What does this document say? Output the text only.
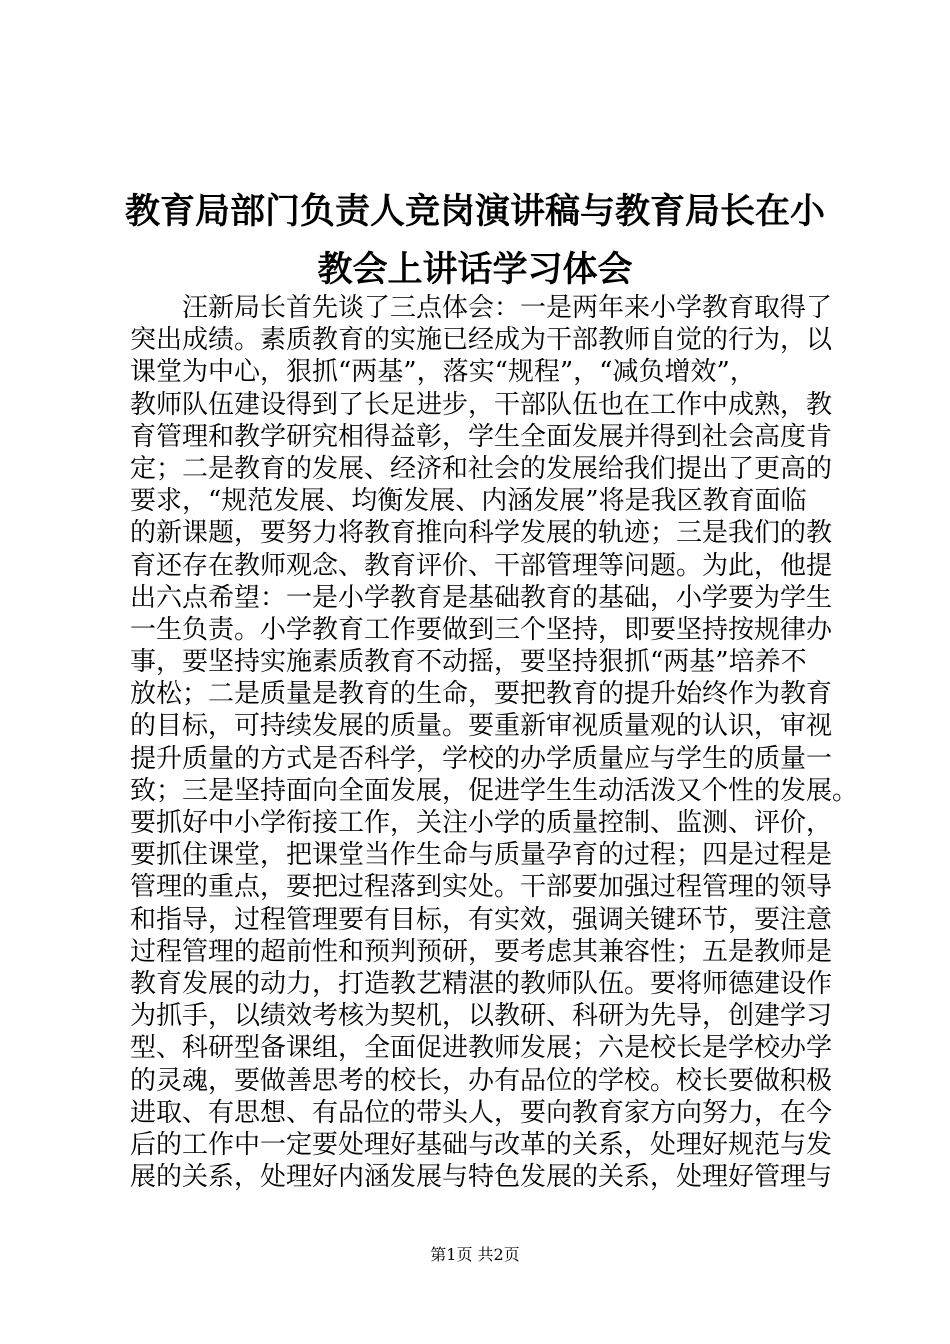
教育局部门负责人竞岗演讲稿与教育局长在小
教会上讲话学习体会
汪新局长首先谈了三点体会：一是两年来小学教育取得了
突出成绩。素质教育的实施已经成为干部教师自觉的行为，以
课堂为中心，狠抓“两基”，落实“规程”，“减负增效”，
教师队伍建设得到了长足进步，干部队伍也在工作中成熟，教
育管理和教学研究相得益彰，学生全面发展并得到社会高度肯
定；二是教育的发展、经济和社会的发展给我们提出了更高的
要求，“规范发展、均衡发展、内涵发展”将是我区教育面临
的新课题，要努力将教育推向科学发展的轨迹；三是我们的教
育还存在教师观念、教育评价、干部管理等问题。为此，他提
出六点希望：一是小学教育是基础教育的基础，小学要为学生
一生负责。小学教育工作要做到三个坚持，即要坚持按规律办
事，要坚持实施素质教育不动摇，要坚持狠抓“两基”培养不
放松；二是质量是教育的生命，要把教育的提升始终作为教育
的目标，可持续发展的质量。要重新审视质量观的认识，审视
提升质量的方式是否科学，学校的办学质量应与学生的质量一
致；三是坚持面向全面发展，促进学生生动活泼又个性的发展。
要抓好中小学衔接工作，关注小学的质量控制、监测、评价，
要抓住课堂，把课堂当作生命与质量孕育的过程；四是过程是
管理的重点，要把过程落到实处。干部要加强过程管理的领导
和指导，过程管理要有目标，有实效，强调关键环节，要注意
过程管理的超前性和预判预研，要考虑其兼容性；五是教师是
教育发展的动力，打造教艺精湛的教师队伍。要将师德建设作
为抓手，以绩效考核为契机，以教研、科研为先导，创建学习
型、科研型备课组，全面促进教师发展；六是校长是学校办学
的灵魂，要做善思考的校长，办有品位的学校。校长要做积极
进取、有思想、有品位的带头人，要向教育家方向努力，在今
后的工作中一定要处理好基础与改革的关系，处理好规范与发
展的关系，处理好内涵发展与特色发展的关系，处理好管理与
第1页 共2页
